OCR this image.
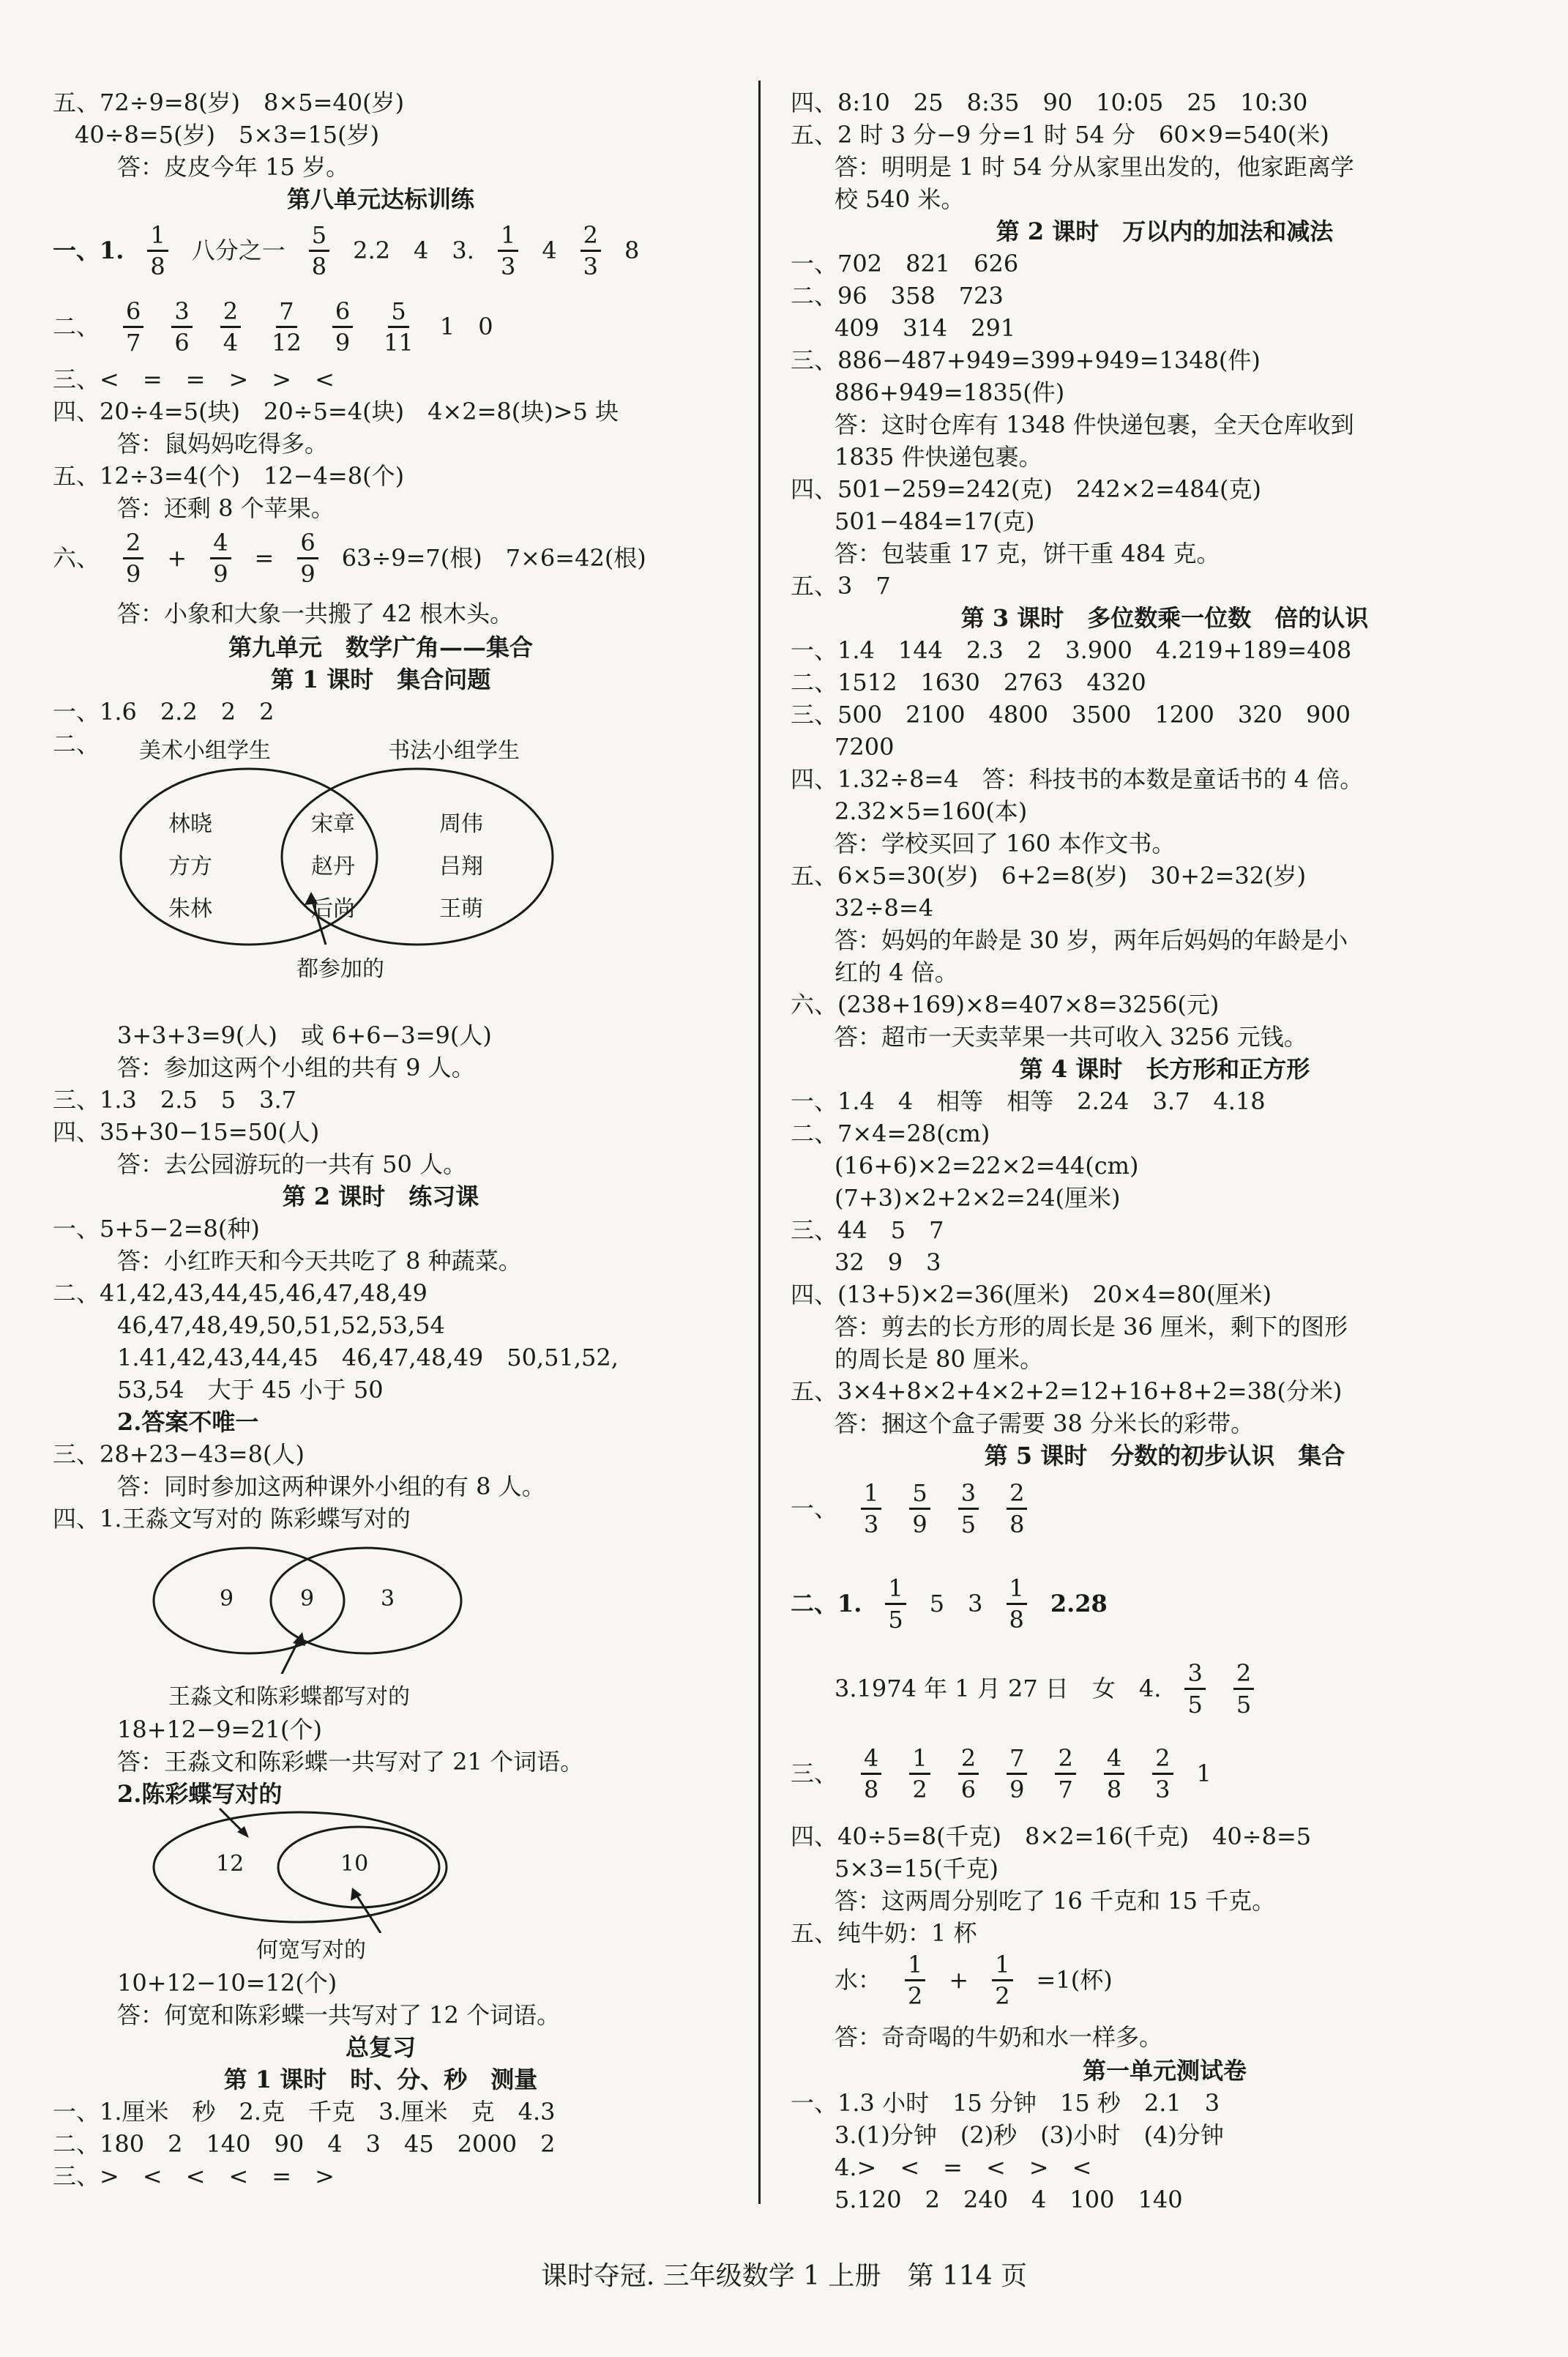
五、72÷9=8(岁)　8×5=40(岁)
40÷8=5(岁)　5×3=15(岁)
答：皮皮今年 15 岁。
第八单元达标训练
一、1. $\frac{1}{8}$ 八分之一 $\frac{5}{8} 2.2$　4　3. $\frac{1}{3} 4 \frac{2}{3} 8$
二、 $\frac{6}{7} \frac{3}{6} \frac{2}{4} \frac{7}{12} \frac{6}{9} \frac{5}{11} 1$　0
三、<　=　=　>　>　<
四、20÷4=5(块)　20÷5=4(块)　4×2=8(块)>5 块
答：鼠妈妈吃得多。
五、12÷3=4(个)　12−4=8(个)
答：还剩 8 个苹果。
六、 $\frac{2}{9} + \frac{4}{9} = \frac{6}{9} 63\div 9=7$(根)　7×6=42(根)
答：小象和大象一共搬了 42 根木头。
第九单元　数学广角——集合
第 1 课时　集合问题
一、1.6　2.2　2　2
二、 美术小组学生	书法小组学生
林晓
方方
朱林
宋章
赵丹
后尚
周伟
吕翔
王萌
都参加的
3+3+3=9(人)　或 6+6−3=9(人)
答：参加这两个小组的共有 9 人。
三、1.3　2.5　5　3.7
四、35+30−15=50(人)
答：去公园游玩的一共有 50 人。
第 2 课时　练习课
一、5+5−2=8(种)
答：小红昨天和今天共吃了 8 种蔬菜。
二、41,42,43,44,45,46,47,48,49
46,47,48,49,50,51,52,53,54
1.41,42,43,44,45　46,47,48,49　50,51,52,
53,54　大于 45 小于 50
2.答案不唯一
三、28+23−43=8(人)
答：同时参加这两种课外小组的有 8 人。
四、1.王淼文写对的 陈彩蝶写对的
9	9	3
王淼文和陈彩蝶都写对的
18+12−9=21(个)
答：王淼文和陈彩蝶一共写对了 21 个词语。
2.陈彩蝶写对的
12	10
何宽写对的
10+12−10=12(个)
答：何宽和陈彩蝶一共写对了 12 个词语。
总复习
第 1 课时　时、分、秒　测量
一、1.厘米　秒　2.克　千克　3.厘米　克　4.3
二、180　2　140　90　4　3　45　2000　2
三、>　<　<　<　=　>
四、8:10　25　8:35　90　10:05　25　10:30
五、2 时 3 分−9 分=1 时 54 分　60×9=540(米)
答：明明是 1 时 54 分从家里出发的，他家距离学
校 540 米。
第 2 课时　万以内的加法和减法
一、702　821　626
二、96　358　723
409　314　291
三、886−487+949=399+949=1348(件)
886+949=1835(件)
答：这时仓库有 1348 件快递包裹，全天仓库收到
1835 件快递包裹。
四、501−259=242(克)　242×2=484(克)
501−484=17(克)
答：包装重 17 克，饼干重 484 克。
五、3　7
第 3 课时　多位数乘一位数　倍的认识
一、1.4　144　2.3　2　3.900　4.219+189=408
二、1512　1630　2763　4320
三、500　2100　4800　3500　1200　320　900
7200
四、1.32÷8=4　答：科技书的本数是童话书的 4 倍。
2.32×5=160(本)
答：学校买回了 160 本作文书。
五、6×5=30(岁)　6+2=8(岁)　30+2=32(岁)
32÷8=4
答：妈妈的年龄是 30 岁，两年后妈妈的年龄是小
红的 4 倍。
六、(238+169)×8=407×8=3256(元)
答：超市一天卖苹果一共可收入 3256 元钱。
第 4 课时　长方形和正方形
一、1.4　4　相等　相等　2.24　3.7　4.18
二、7×4=28(cm)
(16+6)×2=22×2=44(cm)
(7+3)×2+2×2=24(厘米)
三、44　5　7
32　9　3
四、(13+5)×2=36(厘米)　20×4=80(厘米)
答：剪去的长方形的周长是 36 厘米，剩下的图形
的周长是 80 厘米。
五、3×4+8×2+4×2+2=12+16+8+2=38(分米)
答：捆这个盒子需要 38 分米长的彩带。
第 5 课时　分数的初步认识　集合
一、 $\frac{1}{3} \frac{5}{9} \frac{3}{5} \frac{2}{8}$
二、1. $\frac{1}{5} 5$　$3 \frac{1}{8} 2.28$
3.1974 年 1 月 27 日　女　4. $\frac{3}{5} \frac{2}{5}$
三、 $\frac{4}{8} \frac{1}{2} \frac{2}{6} \frac{7}{9} \frac{2}{7} \frac{4}{8} \frac{2}{3} 1$
四、40÷5=8(千克)　8×2=16(千克)　40÷8=5
5×3=15(千克)
答：这两周分别吃了 16 千克和 15 千克。
五、纯牛奶：1 杯
水： $\frac{1}{2} + \frac{1}{2} =1$(杯)
答：奇奇喝的牛奶和水一样多。
第一单元测试卷
一、1.3 小时　15 分钟　15 秒　2.1　3
3.(1)分钟　(2)秒　(3)小时　(4)分钟
4.>　<　=　<　>　<
5.120　2　240　4　100　140
课时夺冠. 三年级数学 1 上册　第 114 页
